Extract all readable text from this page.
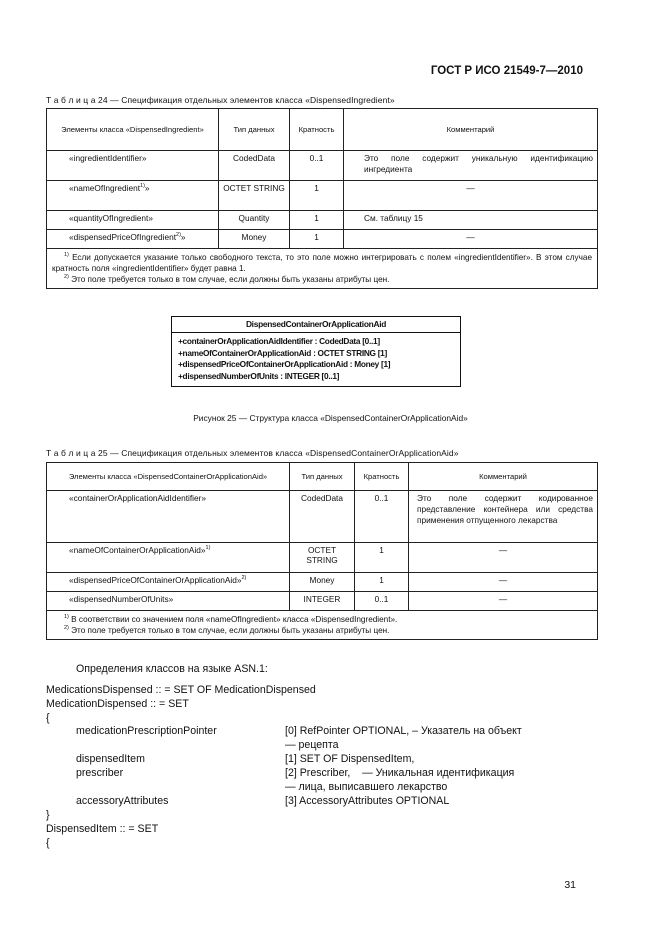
ГОСТ Р ИСО 21549-7—2010
Т а б л и ц а 24 — Спецификация отдельных элементов класса «DispensedIngredient»
Элементы класса «DispensedIngredient»	Тип данных	Кратность	Комментарий
«ingredientIdentifier»	CodedData	0..1	Это поле содержит уникальную идентификацию ингредиента
«nameOfIngredient$^{1)}$»	OCTET STRING	1	—
«quantityOfIngredient»	Quantity	1	См. таблицу 15
«dispensedPriceOfIngredient$^{2)}$»	Money	1	—

$^{1)}$ Если допускается указание только свободного текста, то это поле можно интегрировать с полем «ingredientIdentifier». В этом случае кратность поля «ingredientIdentifier» будет равна 1.
$^{2)}$ Это поле требуется только в том случае, если должны быть указаны атрибуты цен.			
DispensedContainerOrApplicationAid
+containerOrApplicationAidIdentifier : CodedData [0..1]
+nameOfContainerOrApplicationAid : OCTET STRING [1]
+dispensedPriceOfContainerOrApplicationAid : Money [1]
+dispensedNumberOfUnits : INTEGER [0..1]
Рисунок 25 — Структура класса «DispensedContainerOrApplicationAid»
Т а б л и ц а 25 — Спецификация отдельных элементов класса «DispensedContainerOrApplicationAid»
Элементы класса «DispensedContainerOrApplicationAid»	Тип данных	Кратность	Комментарий
«containerOrApplicationAidIdentifier»	CodedData	0..1	Это поле содержит кодированное представление контейнера или средства применения отпущенного лекарства
«nameOfContainerOrApplicationAid»$^{1)}$	OCTET STRING	1	—
«dispensedPriceOfContainerOrApplicationAid»$^{2)}$	Money	1	—
«dispensedNumberOfUnits»	INTEGER	0..1	—

$^{1)}$ В соответствии со значением поля «nameOfIngredient» класса «DispensedIngredient».
$^{2)}$ Это поле требуется только в том случае, если должны быть указаны атрибуты цен.			
Определения классов на языке ASN.1:
MedicationsDispensed :: = SET OF MedicationDispensed
MedicationDispensed :: = SET
{
medicationPrescriptionPointer	[0] RefPointer OPTIONAL, – Указатель на объект
— рецепта
dispensedItem	[1] SET OF DispensedItem,
prescriber	[2] Prescriber,    — Уникальная идентификация
— лица, выписавшего лекарство
accessoryAttributes	[3] AccessoryAttributes OPTIONAL
}
DispensedItem :: = SET
{
31
